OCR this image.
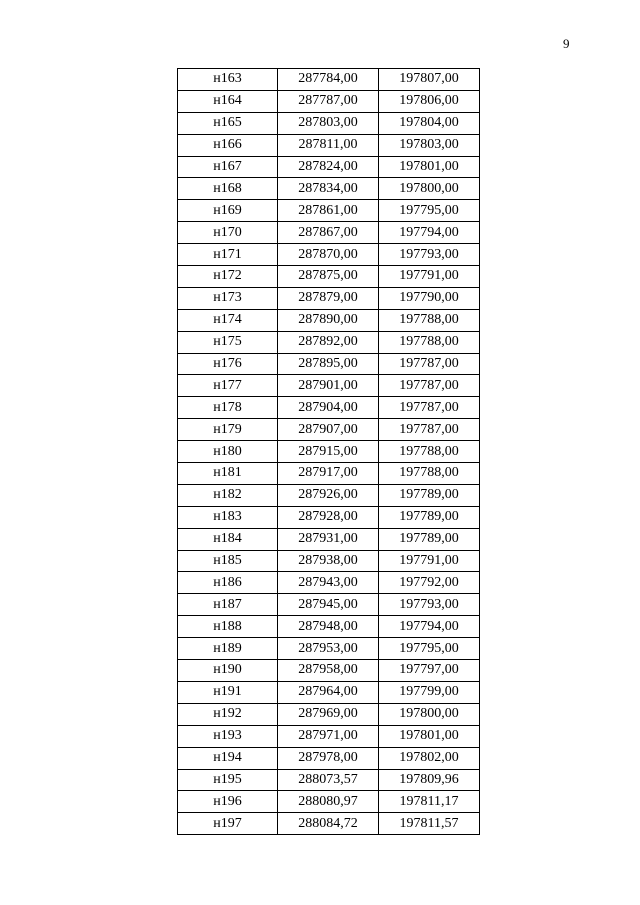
9
н163	287784,00	197807,00
н164	287787,00	197806,00
н165	287803,00	197804,00
н166	287811,00	197803,00
н167	287824,00	197801,00
н168	287834,00	197800,00
н169	287861,00	197795,00
н170	287867,00	197794,00
н171	287870,00	197793,00
н172	287875,00	197791,00
н173	287879,00	197790,00
н174	287890,00	197788,00
н175	287892,00	197788,00
н176	287895,00	197787,00
н177	287901,00	197787,00
н178	287904,00	197787,00
н179	287907,00	197787,00
н180	287915,00	197788,00
н181	287917,00	197788,00
н182	287926,00	197789,00
н183	287928,00	197789,00
н184	287931,00	197789,00
н185	287938,00	197791,00
н186	287943,00	197792,00
н187	287945,00	197793,00
н188	287948,00	197794,00
н189	287953,00	197795,00
н190	287958,00	197797,00
н191	287964,00	197799,00
н192	287969,00	197800,00
н193	287971,00	197801,00
н194	287978,00	197802,00
н195	288073,57	197809,96
н196	288080,97	197811,17
н197	288084,72	197811,57
